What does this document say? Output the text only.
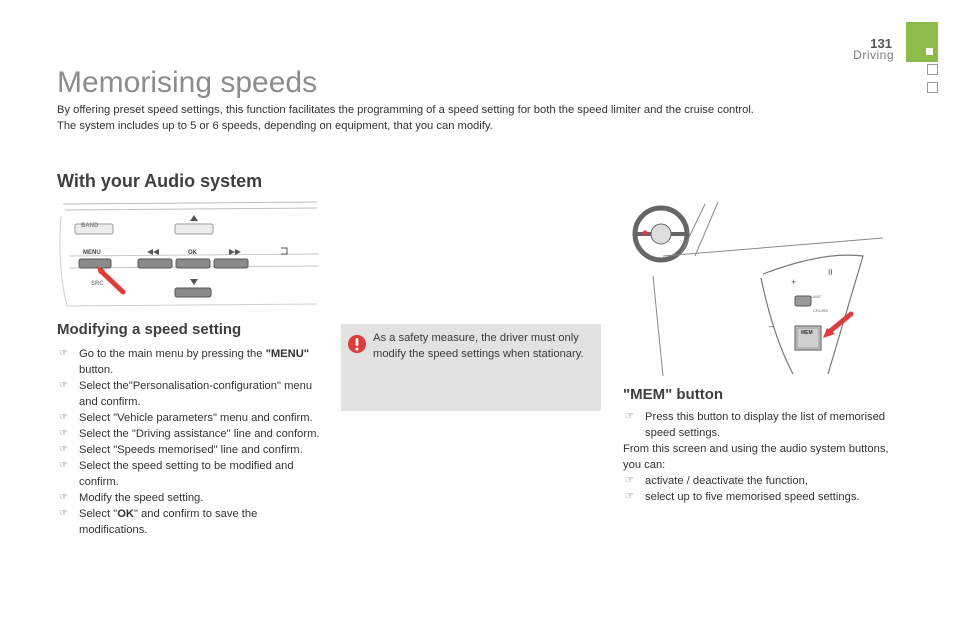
131
Driving
Memorising speeds

By offering preset speed settings, this function facilitates the programming of a speed setting for both the speed limiter and the cruise control.

The system includes up to 5 or 6 speeds, depending on equipment, that you can modify.

With your Audio system
BAND
MENU	OK
SRC
Modifying a speed setting
☞ Go to the main menu by pressing the "MENU" button.
☞ Select the"Personalisation-configuration" menu and confirm.
☞ Select "Vehicle parameters" menu and confirm.
☞ Select the "Driving assistance" line and conform.
☞ Select "Speeds memorised" line and confirm.
☞ Select the speed setting to be modified and confirm.
☞ Modify the speed setting.
☞ Select "OK" and confirm to save the modifications.
As a safety measure, the driver must only modify the speed settings when stationary.
+
II
–
LIMIT
CRUISE
MEM
"MEM" button
☞ Press this button to display the list of memorised speed settings.

From this screen and using the audio system buttons, you can:

☞ activate / deactivate the function,
☞ select up to five memorised speed settings.
